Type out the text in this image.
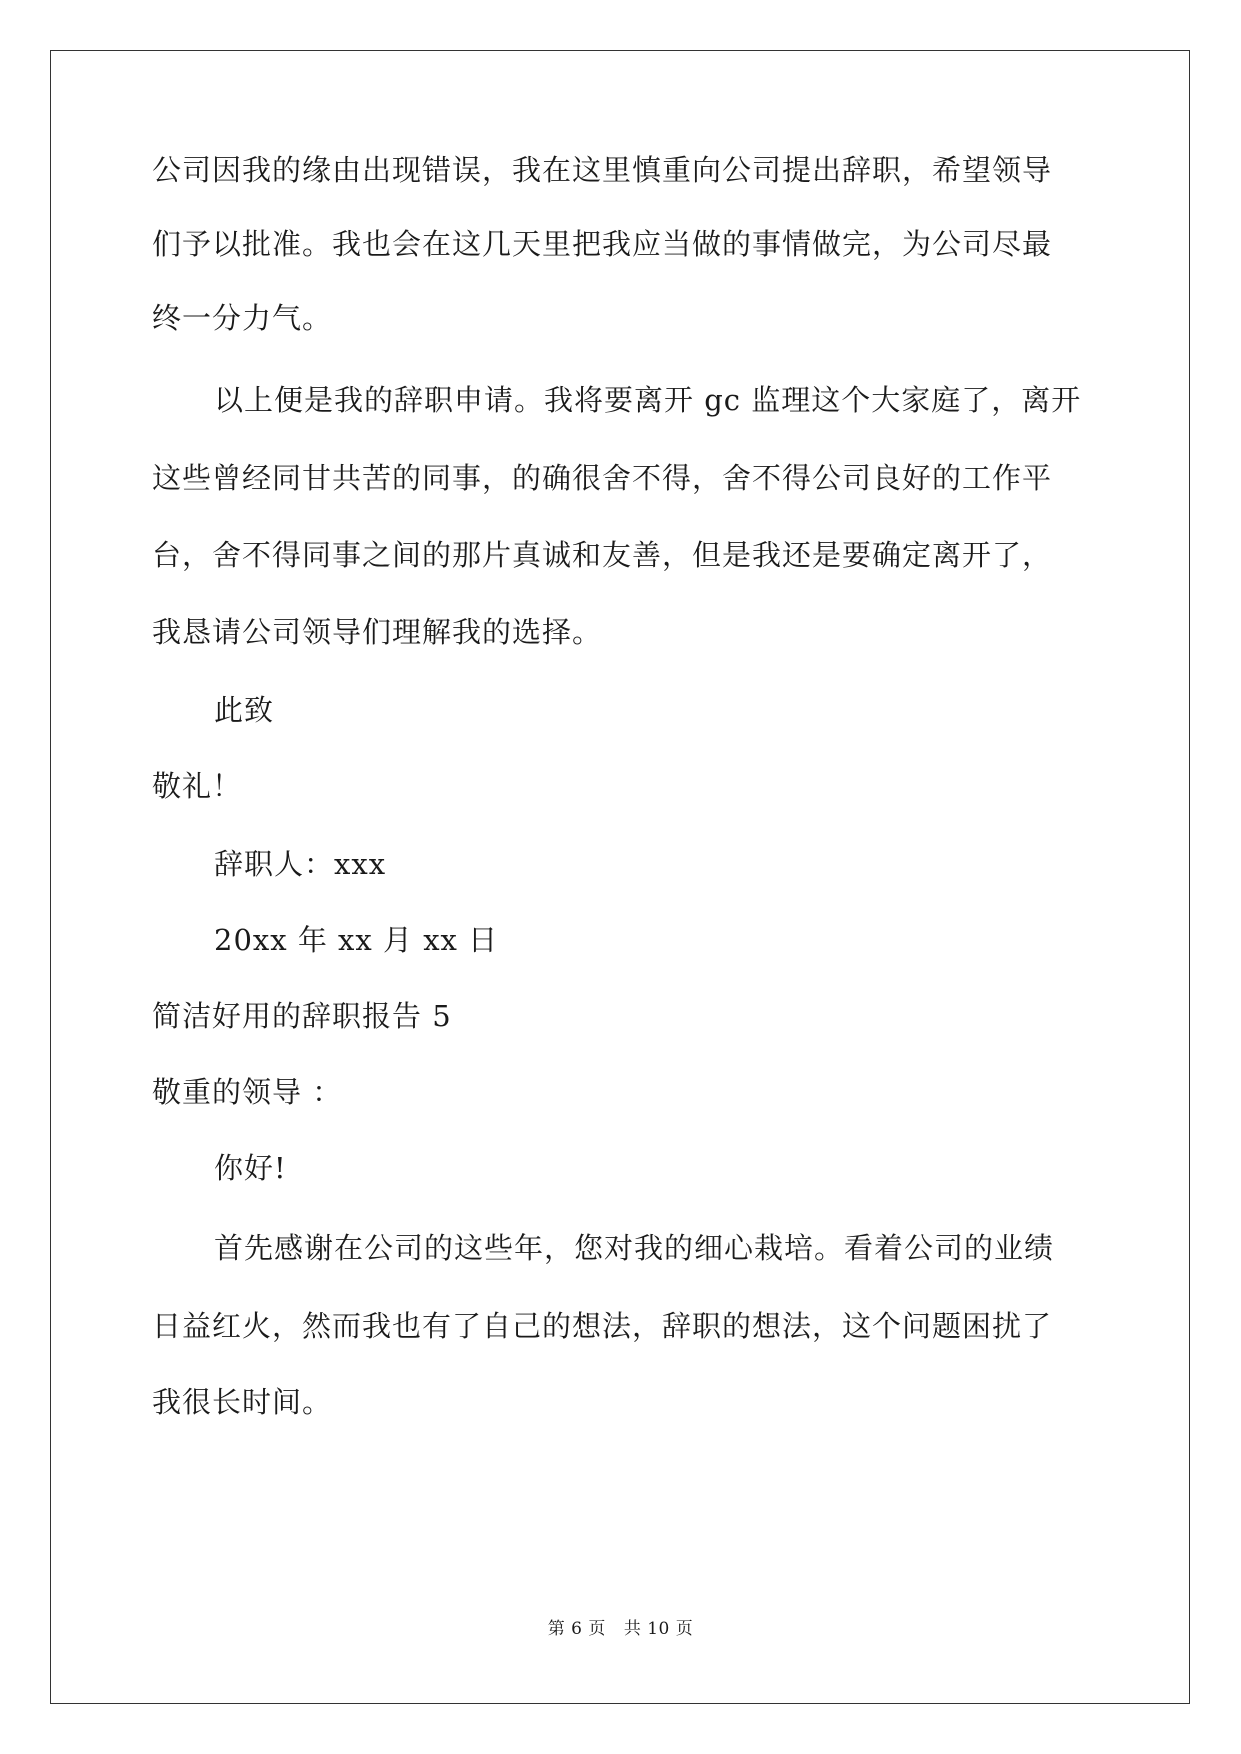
公司因我的缘由出现错误，我在这里慎重向公司提出辞职，希望领导
们予以批准。我也会在这几天里把我应当做的事情做完，为公司尽最
终一分力气。
以上便是我的辞职申请。我将要离开 gc 监理这个大家庭了，离开
这些曾经同甘共苦的同事，的确很舍不得，舍不得公司良好的工作平
台，舍不得同事之间的那片真诚和友善，但是我还是要确定离开了，
我恳请公司领导们理解我的选择。
此致
敬礼！
辞职人：xxx
20xx 年 xx 月 xx 日
简洁好用的辞职报告 5
敬重的领导 ：
你好!
首先感谢在公司的这些年，您对我的细心栽培。看着公司的业绩
日益红火，然而我也有了自己的想法，辞职的想法，这个问题困扰了
我很长时间。
第 6 页 共 10 页
